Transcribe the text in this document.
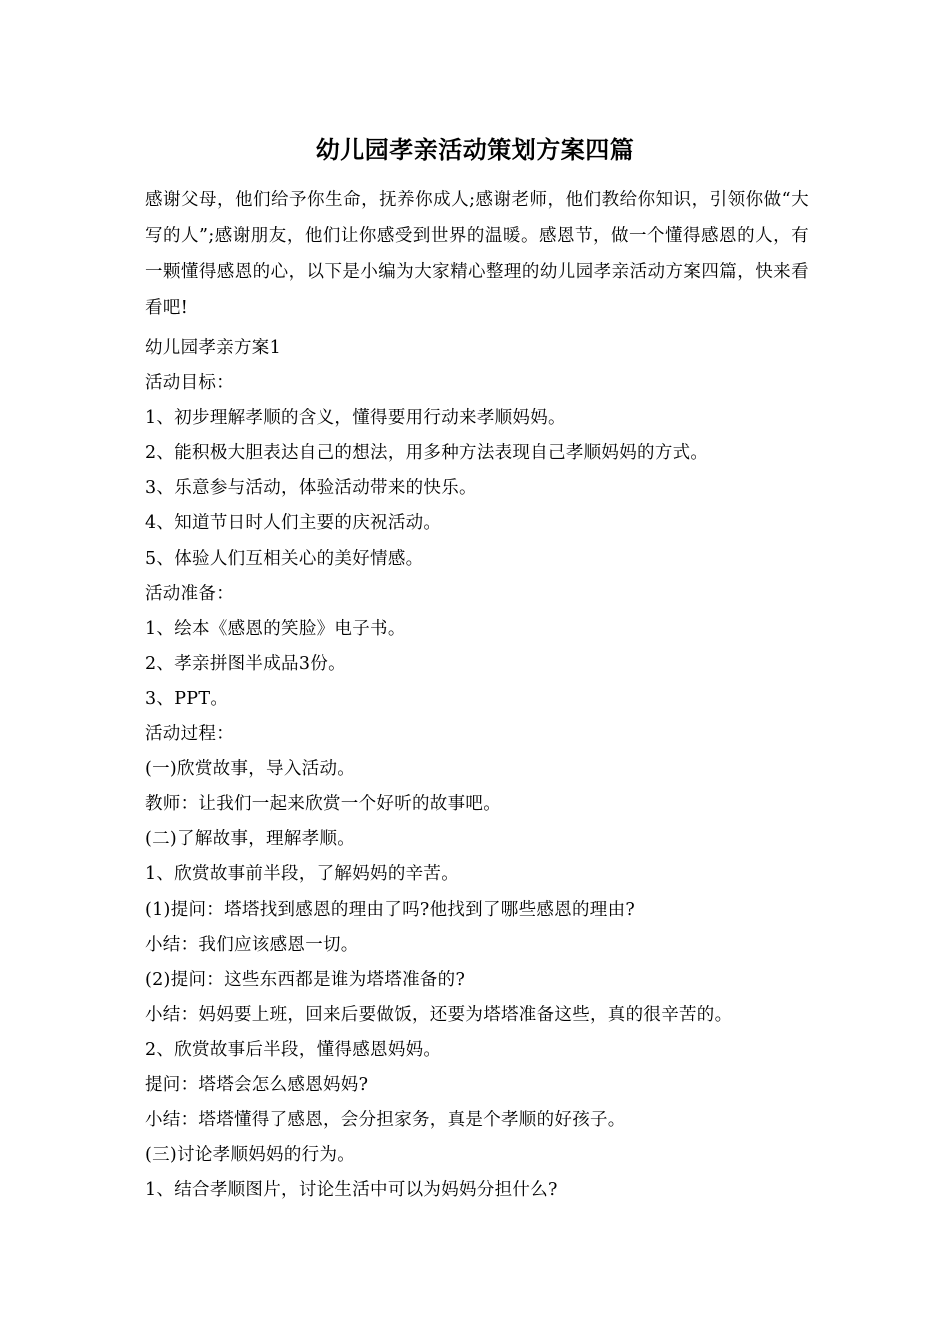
幼儿园孝亲活动策划方案四篇

感谢父母，他们给予你生命，抚养你成人;感谢老师，他们教给你知识，引领你做“大写的人”;感谢朋友，他们让你感受到世界的温暖。感恩节，做一个懂得感恩的人，有一颗懂得感恩的心，以下是小编为大家精心整理的幼儿园孝亲活动方案四篇，快来看看吧!

幼儿园孝亲方案1
活动目标：
1、初步理解孝顺的含义，懂得要用行动来孝顺妈妈。
2、能积极大胆表达自己的想法，用多种方法表现自己孝顺妈妈的方式。
3、乐意参与活动，体验活动带来的快乐。
4、知道节日时人们主要的庆祝活动。
5、体验人们互相关心的美好情感。
活动准备：
1、绘本《感恩的笑脸》电子书。
2、孝亲拼图半成品3份。
3、PPT。
活动过程：
(一)欣赏故事，导入活动。
教师：让我们一起来欣赏一个好听的故事吧。
(二)了解故事，理解孝顺。
1、欣赏故事前半段，了解妈妈的辛苦。
(1)提问：塔塔找到感恩的理由了吗?他找到了哪些感恩的理由?
小结：我们应该感恩一切。
(2)提问：这些东西都是谁为塔塔准备的?
小结：妈妈要上班，回来后要做饭，还要为塔塔准备这些，真的很辛苦的。
2、欣赏故事后半段，懂得感恩妈妈。
提问：塔塔会怎么感恩妈妈?
小结：塔塔懂得了感恩，会分担家务，真是个孝顺的好孩子。
(三)讨论孝顺妈妈的行为。
1、结合孝顺图片，讨论生活中可以为妈妈分担什么?
